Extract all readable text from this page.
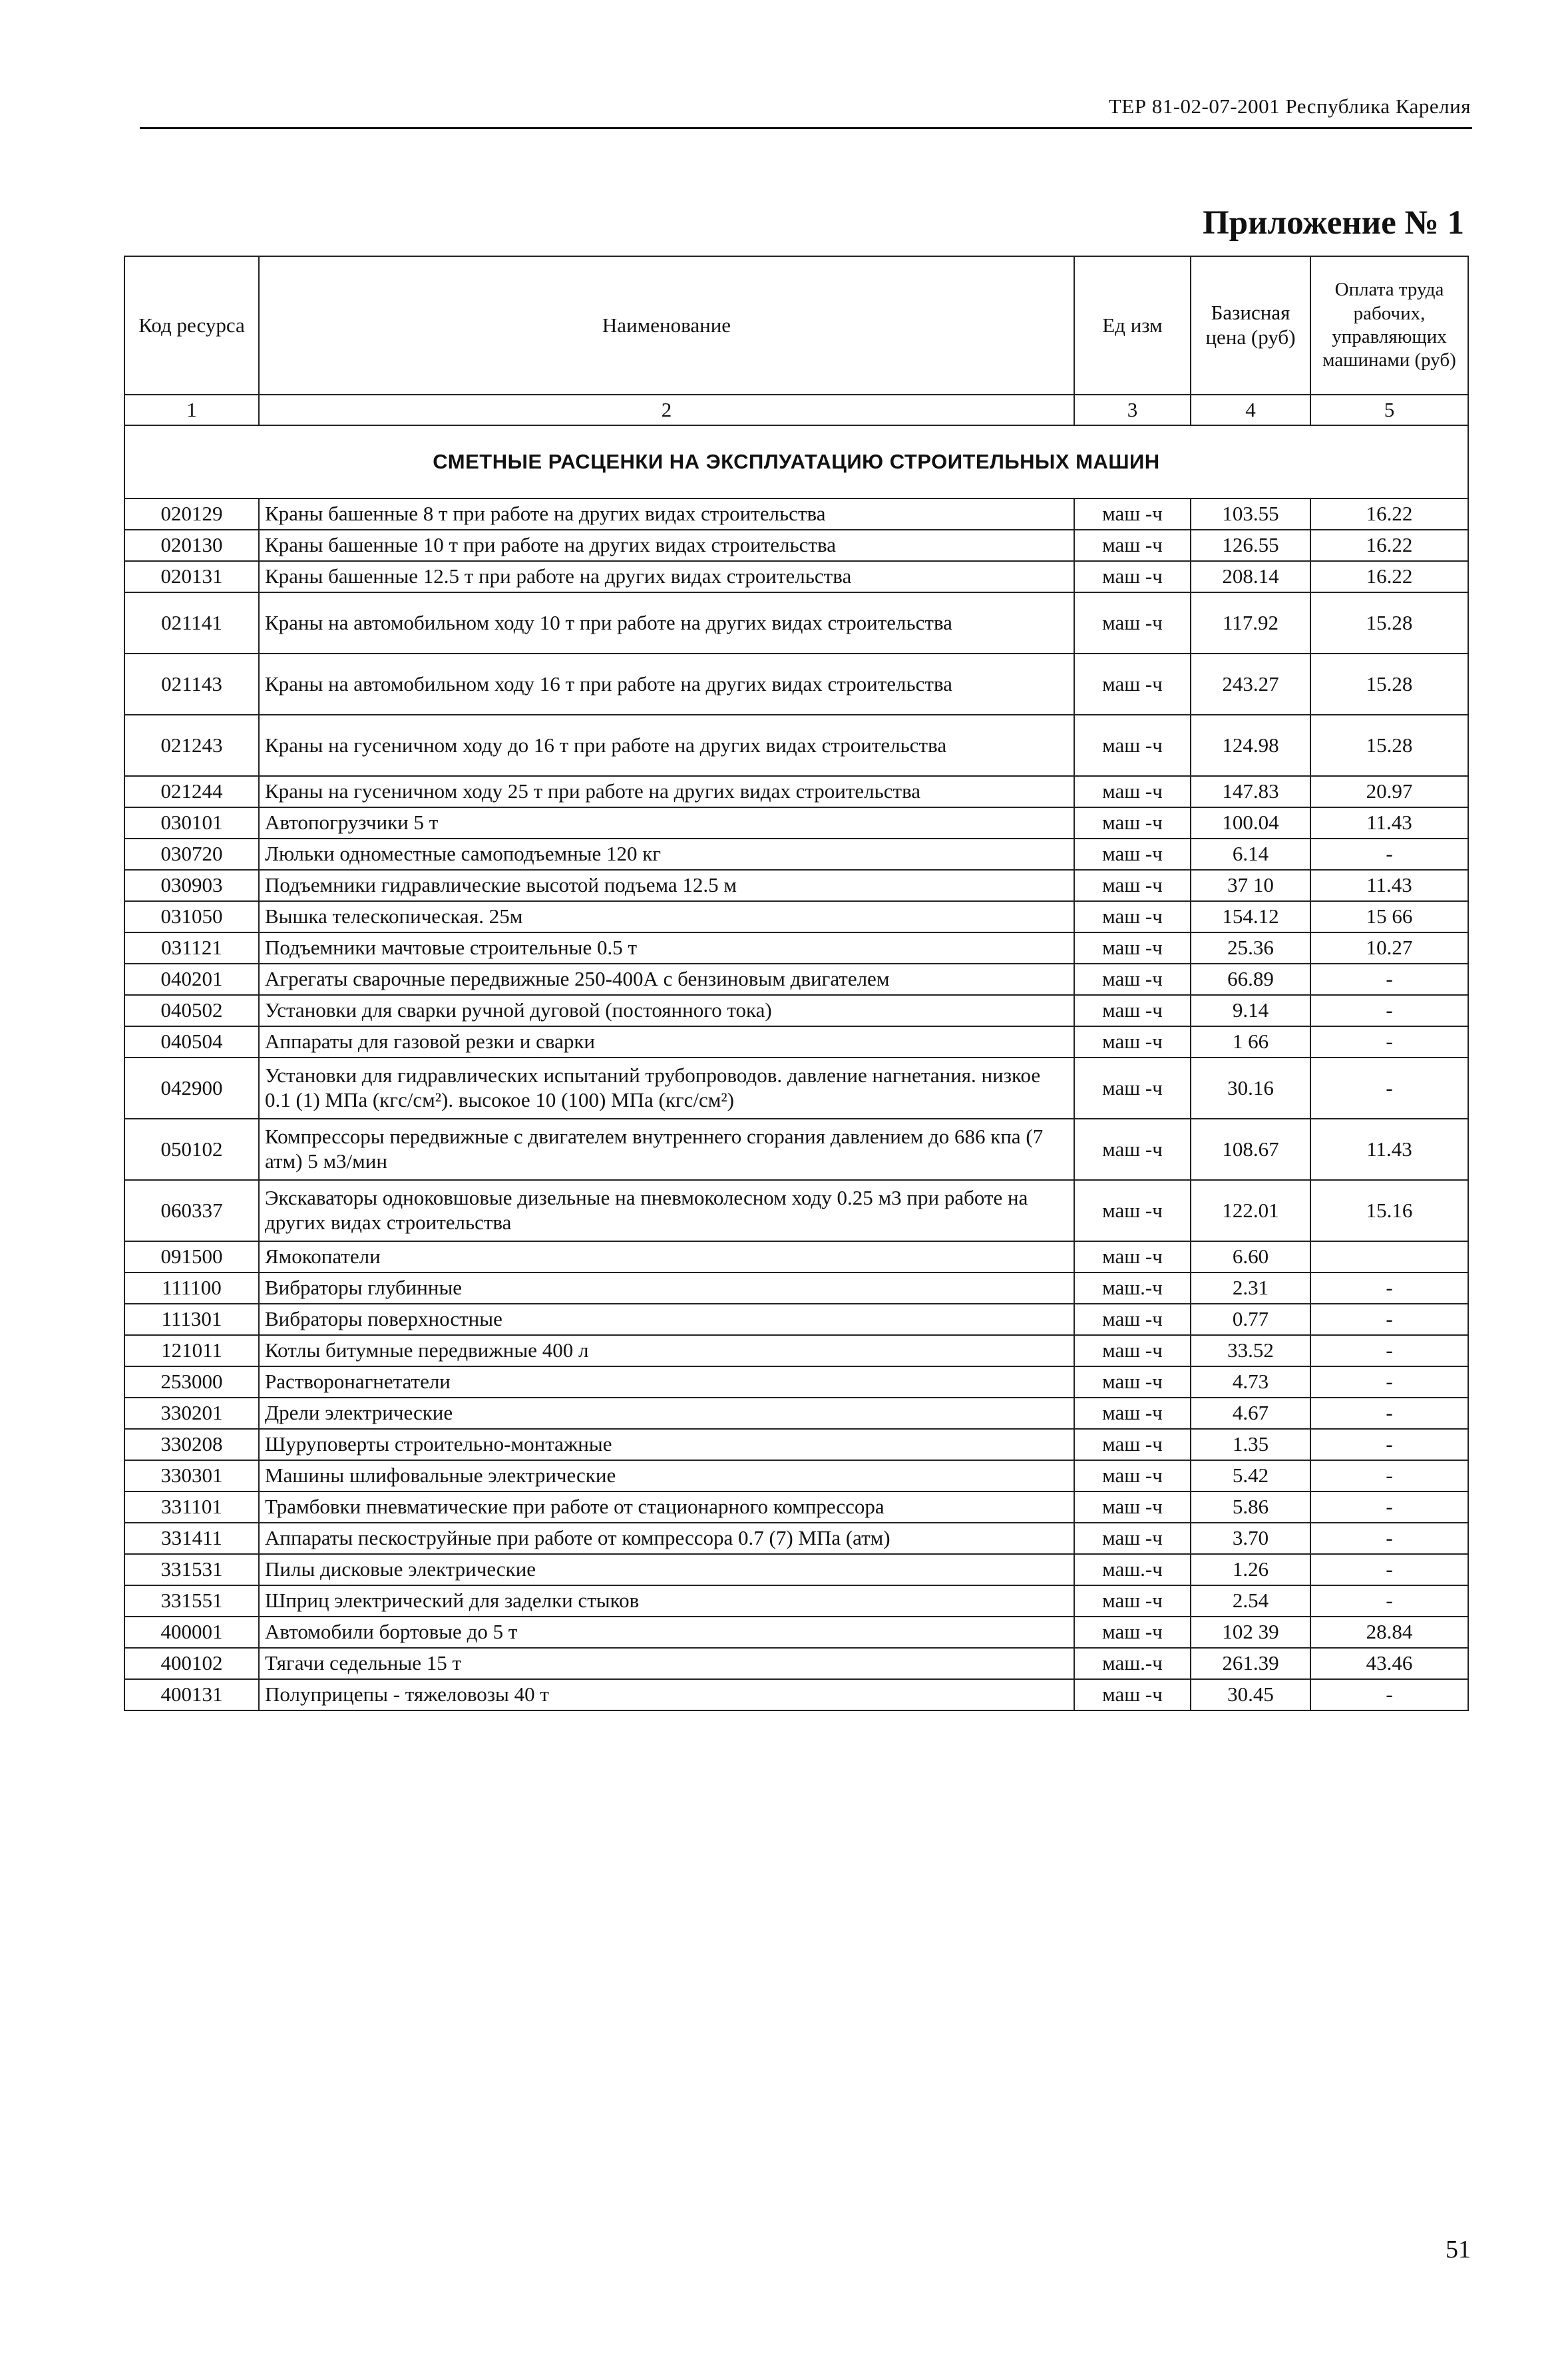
ТЕР 81-02-07-2001 Республика Карелия
Приложение № 1
Код ресурса	Наименование	Ед изм	Базисная цена (руб)	Оплата труда рабочих, управляющих машинами (руб)
1	2	3	4	5
СМЕТНЫЕ РАСЦЕНКИ НА ЭКСПЛУАТАЦИЮ СТРОИТЕЛЬНЫХ МАШИН				
020129	Краны башенные 8 т при работе на других видах строительства	маш -ч	103.55	16.22
020130	Краны башенные 10 т при работе на других видах строительства	маш -ч	126.55	16.22
020131	Краны башенные 12.5 т при работе на других видах строительства	маш -ч	208.14	16.22
021141	Краны на автомобильном ходу 10 т при работе на других видах строительства	маш -ч	117.92	15.28
021143	Краны на автомобильном ходу 16 т при работе на других видах строительства	маш -ч	243.27	15.28
021243	Краны на гусеничном ходу до 16 т при работе на других видах строительства	маш -ч	124.98	15.28
021244	Краны на гусеничном ходу 25 т при работе на других видах строительства	маш -ч	147.83	20.97
030101	Автопогрузчики 5 т	маш -ч	100.04	11.43
030720	Люльки одноместные самоподъемные 120 кг	маш -ч	6.14	-
030903	Подъемники гидравлические высотой подъема 12.5 м	маш -ч	37 10	11.43
031050	Вышка телескопическая. 25м	маш -ч	154.12	15 66
031121	Подъемники мачтовые строительные 0.5 т	маш -ч	25.36	10.27
040201	Агрегаты сварочные передвижные 250-400А с бензиновым двигателем	маш -ч	66.89	-
040502	Установки для сварки ручной дуговой (постоянного тока)	маш -ч	9.14	-
040504	Аппараты для газовой резки и сварки	маш -ч	1 66	-
042900	Установки для гидравлических испытаний трубопроводов. давление нагнетания. низкое 0.1 (1) МПа (кгс/см²). высокое 10 (100) МПа (кгс/см²)	маш -ч	30.16	-
050102	Компрессоры передвижные с двигателем внутреннего сгорания давлением до 686 кпа (7 атм) 5 м3/мин	маш -ч	108.67	11.43
060337	Экскаваторы одноковшовые дизельные на пневмоколесном ходу 0.25 м3 при работе на других видах строительства	маш -ч	122.01	15.16
091500	Ямокопатели	маш -ч	6.60	
111100	Вибраторы глубинные	маш.-ч	2.31	-
111301	Вибраторы поверхностные	маш -ч	0.77	-
121011	Котлы битумные передвижные 400 л	маш -ч	33.52	-
253000	Растворонагнетатели	маш -ч	4.73	-
330201	Дрели электрические	маш -ч	4.67	-
330208	Шуруповерты строительно-монтажные	маш -ч	1.35	-
330301	Машины шлифовальные электрические	маш -ч	5.42	-
331101	Трамбовки пневматические при работе от стационарного компрессора	маш -ч	5.86	-
331411	Аппараты пескоструйные при работе от компрессора 0.7 (7) МПа (атм)	маш -ч	3.70	-
331531	Пилы дисковые электрические	маш.-ч	1.26	-
331551	Шприц электрический для заделки стыков	маш -ч	2.54	-
400001	Автомобили бортовые до 5 т	маш -ч	102 39	28.84
400102	Тягачи седельные 15 т	маш.-ч	261.39	43.46
400131	Полуприцепы - тяжеловозы 40 т	маш -ч	30.45	-
51
